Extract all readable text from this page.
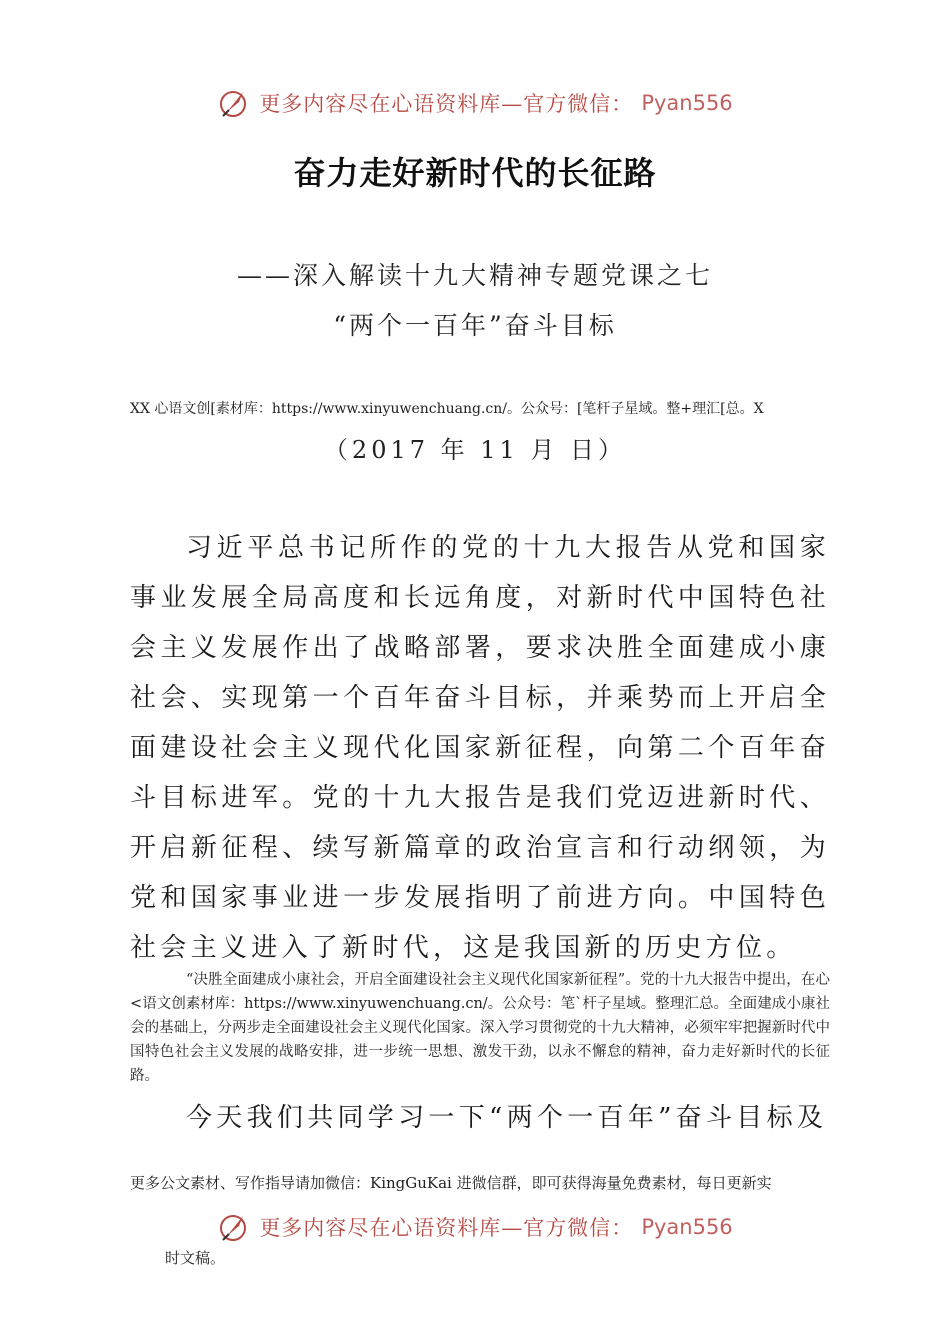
更多内容尽在心语资料库—官方微信： Pyan556
奋力走好新时代的长征路
——深入解读十九大精神专题党课之七
“两个一百年”奋斗目标
XX 心语文创[素材库：https://www.xinyuwenchuang.cn/。公众号：[笔杆子星域。整+理汇[总。X
（2017 年 11 月 日）
习近平总书记所作的党的十九大报告从党和国家事业发展全局高度和长远角度，对新时代中国特色社会主义发展作出了战略部署，要求决胜全面建成小康社会、实现第一个百年奋斗目标，并乘势而上开启全面建设社会主义现代化国家新征程，向第二个百年奋斗目标进军。党的十九大报告是我们党迈进新时代、开启新征程、续写新篇章的政治宣言和行动纲领，为党和国家事业进一步发展指明了前进方向。中国特色社会主义进入了新时代，这是我国新的历史方位。
“决胜全面建成小康社会，开启全面建设社会主义现代化国家新征程”。党的十九大报告中提出，在心<语文创素材库：https://www.xinyuwenchuang.cn/。公众号：笔`杆子星域。整理汇总。全面建成小康社会的基础上，分两步走全面建设社会主义现代化国家。深入学习贯彻党的十九大精神，必须牢牢把握新时代中国特色社会主义发展的战略安排，进一步统一思想、激发干劲，以永不懈怠的精神，奋力走好新时代的长征路。
今天我们共同学习一下“两个一百年”奋斗目标及
更多公文素材、写作指导请加微信：KingGuKai 进微信群，即可获得海量免费素材，每日更新实
更多内容尽在心语资料库—官方微信： Pyan556
时文稿。
